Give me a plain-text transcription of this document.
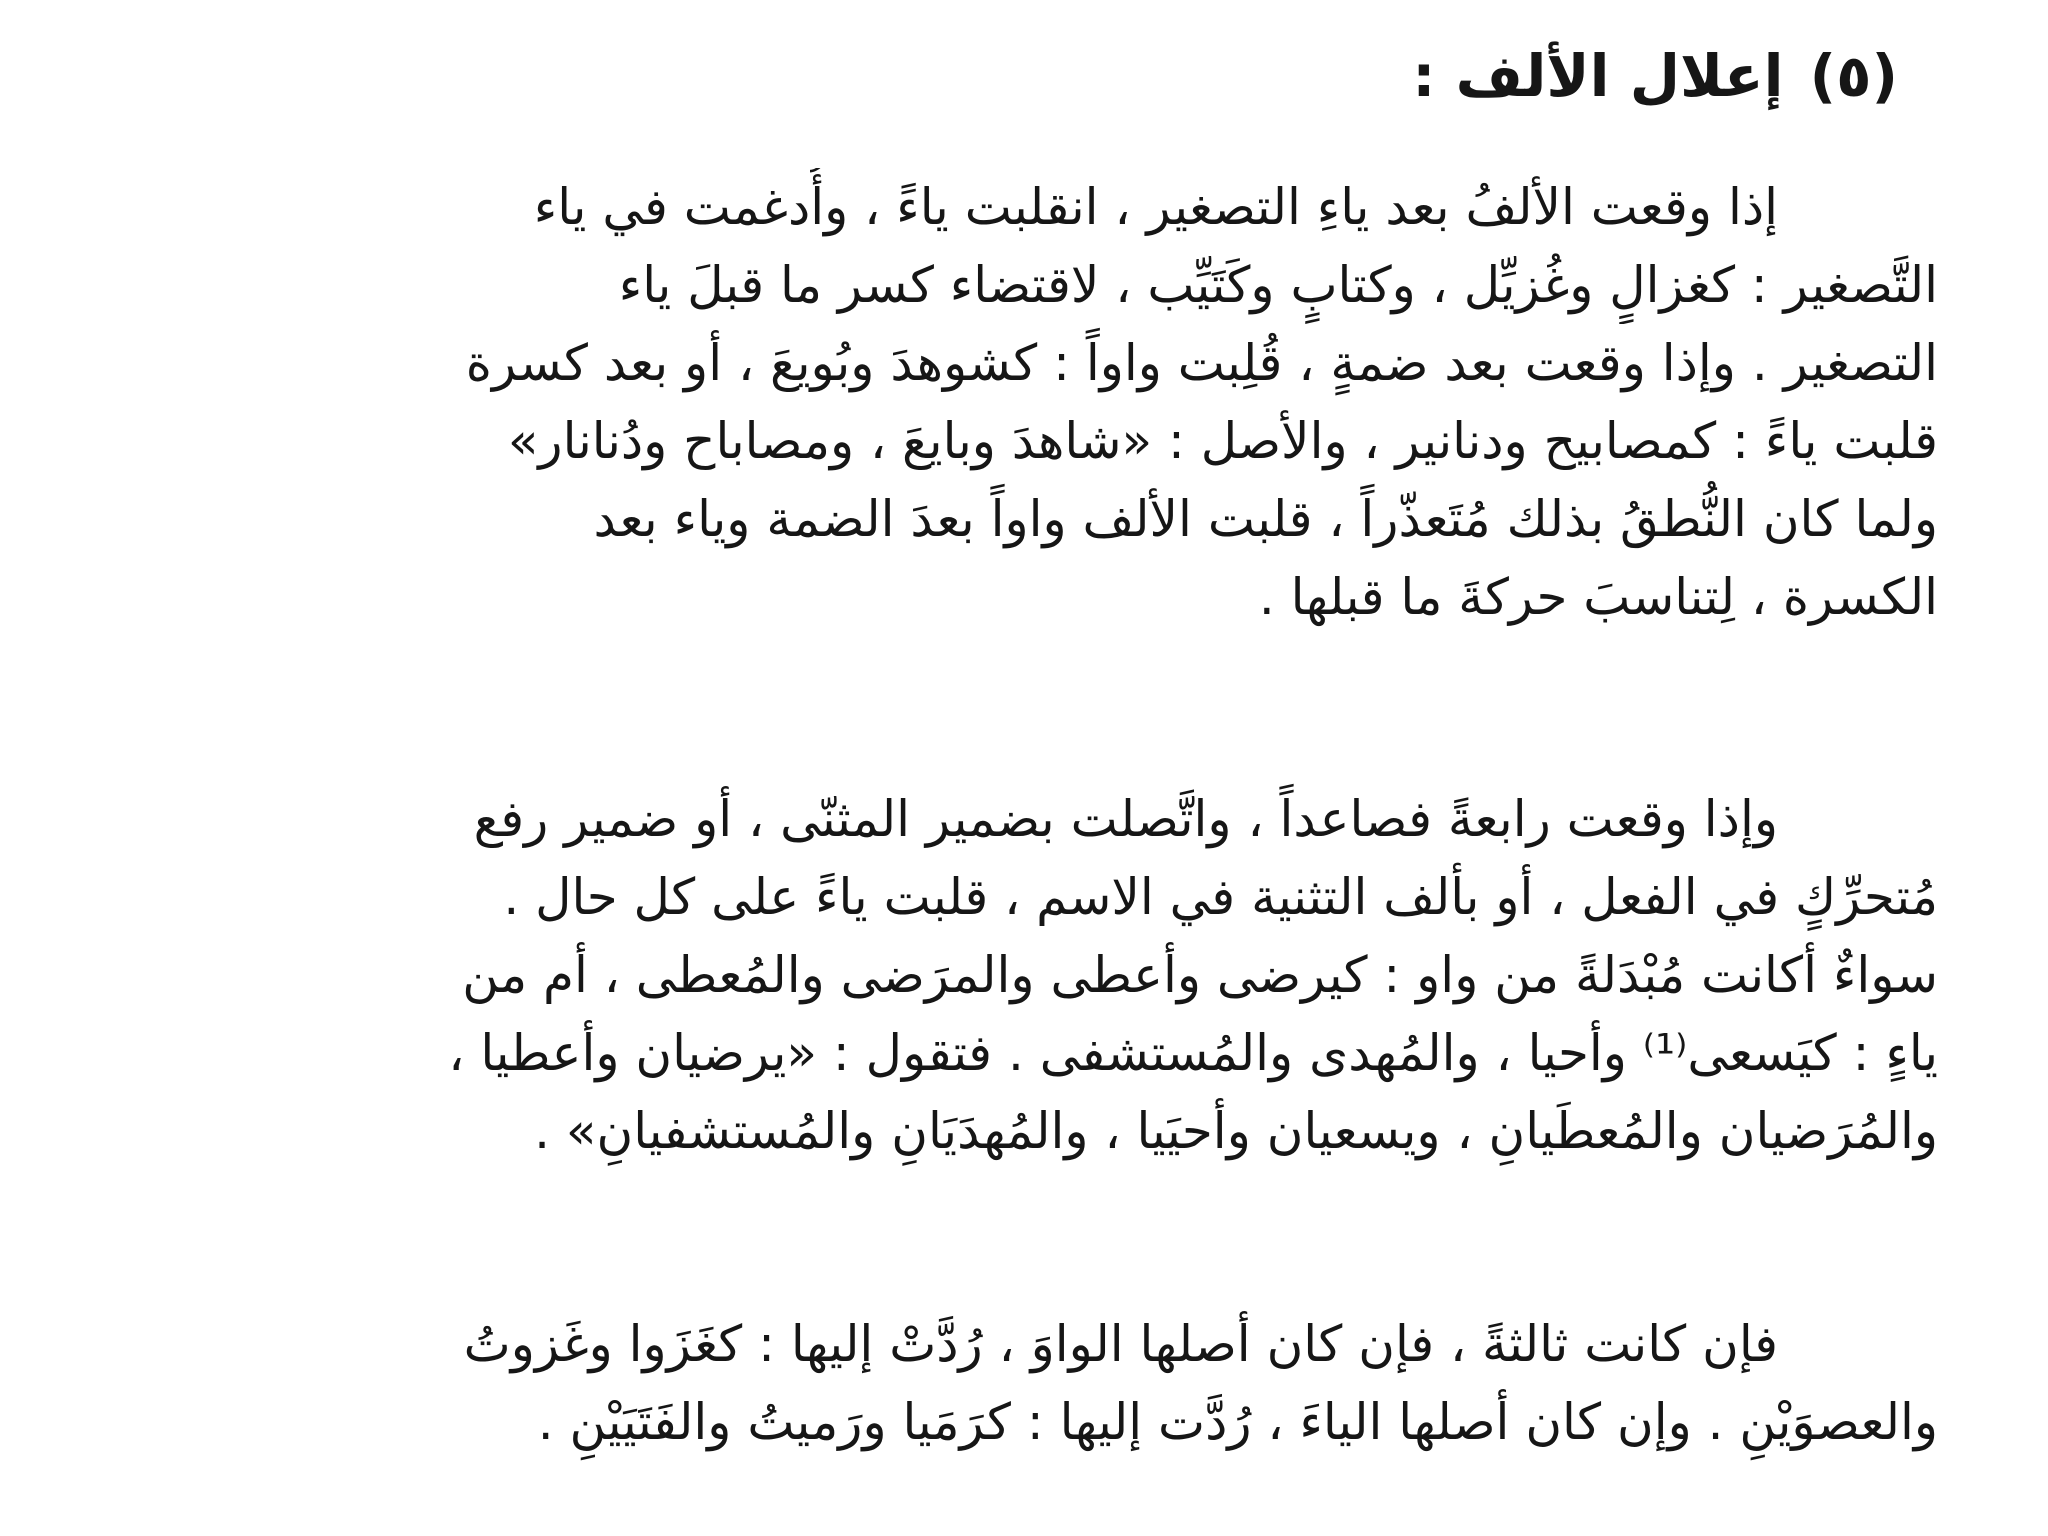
(٥)إعلال الألف :
إذا وقعت الألفُ بعد ياءِ التصغير ، انقلبت ياءً ، وأُدغمت في ياء
التَّصغير : كغزالٍ وغُزيِّل ، وكتابٍ وكَتَيِّب ، لاقتضاء كسر ما قبلَ ياء
التصغير . وإذا وقعت بعد ضمةٍ ، قُلِبت واواً : كشوهدَ وبُويعَ ، أو بعد كسرة
قلبت ياءً : كمصابيح ودنانير ، والأصل : «شاهدَ وبايعَ ، ومصاباح ودُنانار»
ولما كان النُّطقُ بذلك مُتَعذّراً ، قلبت الألف واواً بعدَ الضمة وياء بعد
الكسرة ، لِتناسبَ حركةَ ما قبلها .
وإذا وقعت رابعةً فصاعداً ، واتَّصلت بضمير المثنّى ، أو ضمير رفع
مُتحرِّكٍ في الفعل ، أو بألف التثنية في الاسم ، قلبت ياءً على كل حال .
سواءٌ أكانت مُبْدَلةً من واو : كيرضى وأعطى والمرَضى والمُعطى ، أم من
ياءٍ : كيَسعى⁽¹⁾ وأحيا ، والمُهدى والمُستشفى . فتقول : «يرضيان وأعطيا ،
والمُرَضيان والمُعطَيانِ ، ويسعيان وأحيَيا ، والمُهدَيَانِ والمُستشفيانِ» .
فإن كانت ثالثةً ، فإن كان أصلها الواوَ ، رُدَّتْ إليها : كغَزَوا وغَزوتُ
والعصوَيْنِ . وإن كان أصلها الياءَ ، رُدَّت إليها : كرَمَيا ورَميتُ والفَتَيَيْنِ .
